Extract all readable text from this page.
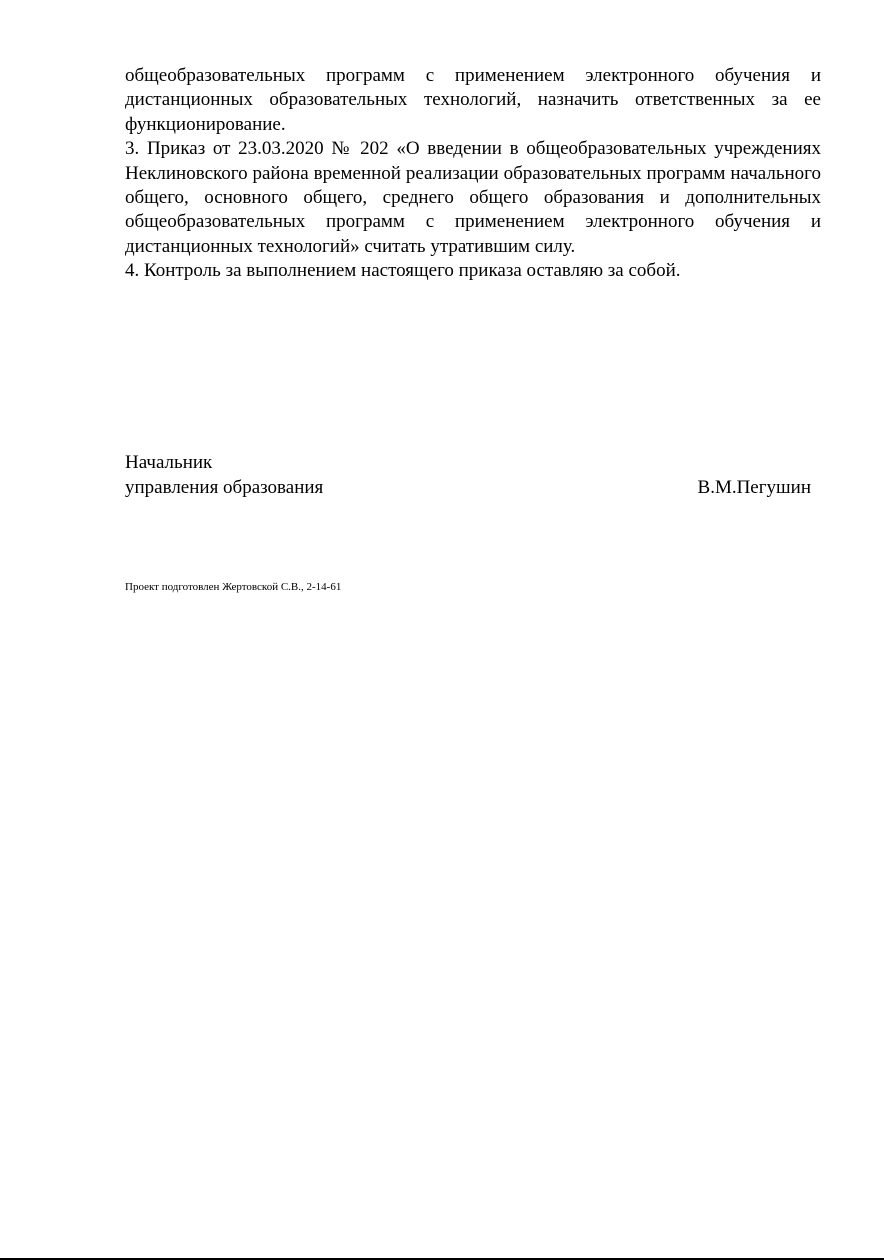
общеобразовательных программ с применением электронного обучения и дистанционных образовательных технологий, назначить ответственных за ее функционирование.

3. Приказ от 23.03.2020 № 202 «О введении в общеобразовательных учреждениях Неклиновского района временной реализации образовательных программ начального общего, основного общего, среднего общего образования и дополнительных общеобразовательных программ с применением электронного обучения и дистанционных технологий» считать утратившим силу.

4. Контроль за выполнением настоящего приказа оставляю за собой.

Начальник
управления образования	В.М.Пегушин
Проект подготовлен Жертовской С.В., 2-14-61
